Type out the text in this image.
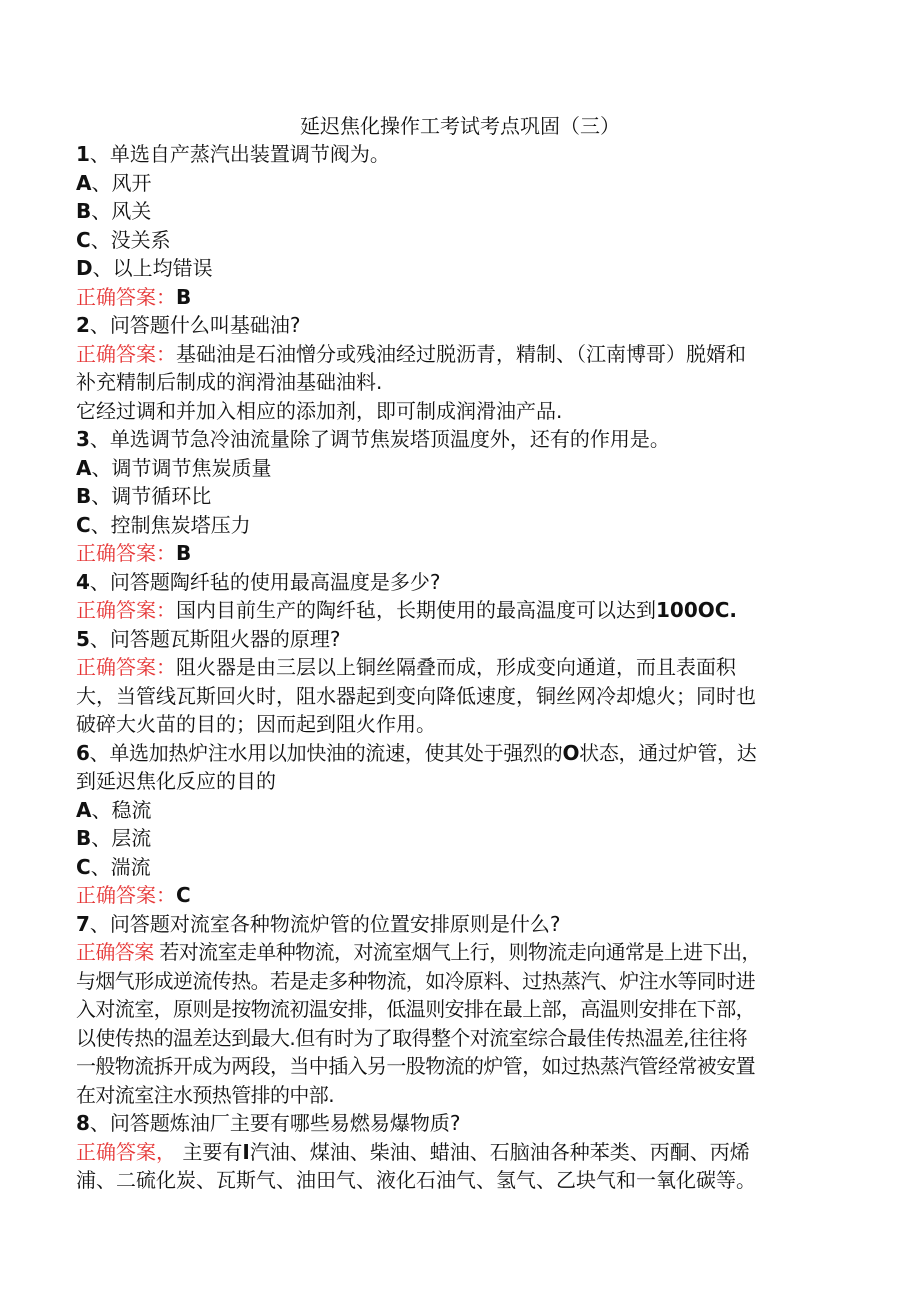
延迟焦化操作工考试考点巩固（三）
1、单选自产蒸汽出装置调节阀为。
A、风开
B、风关
C、没关系
D、以上均错误
正确答案：B
2、问答题什么叫基础油?
正确答案：基础油是石油憎分或残油经过脱沥青，精制、（江南博哥）脱婿和
补充精制后制成的润滑油基础油料.
它经过调和并加入相应的添加剂，即可制成润滑油产品.
3、单选调节急冷油流量除了调节焦炭塔顶温度外，还有的作用是。
A、调节调节焦炭质量
B、调节循环比
C、控制焦炭塔压力
正确答案：B
4、问答题陶纤毡的使用最高温度是多少?
正确答案：国内目前生产的陶纤毡，长期使用的最高温度可以达到100OC.
5、问答题瓦斯阻火器的原理?
正确答案：阻火器是由三层以上铜丝隔叠而成，形成变向通道，而且表面积
大，当管线瓦斯回火时，阻水器起到变向降低速度，铜丝网冷却熄火；同时也
破碎大火苗的目的；因而起到阻火作用。
6、单选加热炉注水用以加快油的流速，使其处于强烈的O状态，通过炉管，达
到延迟焦化反应的目的
A、稳流
B、层流
C、湍流
正确答案：C
7、问答题对流室各种物流炉管的位置安排原则是什么?
正确答案 若对流室走单种物流，对流室烟气上行，则物流走向通常是上进下出，
与烟气形成逆流传热。若是走多种物流，如冷原料、过热蒸汽、炉注水等同时进
入对流室，原则是按物流初温安排，低温则安排在最上部，高温则安排在下部，
以使传热的温差达到最大.但有时为了取得整个对流室综合最佳传热温差,往往将
一般物流拆开成为两段，当中插入另一股物流的炉管，如过热蒸汽管经常被安置
在对流室注水预热管排的中部.
8、问答题炼油厂主要有哪些易燃易爆物质?
正确答案， 主要有I汽油、煤油、柴油、蜡油、石脑油各种苯类、丙酮、丙烯
浦、二硫化炭、瓦斯气、油田气、液化石油气、氢气、乙块气和一氧化碳等。
